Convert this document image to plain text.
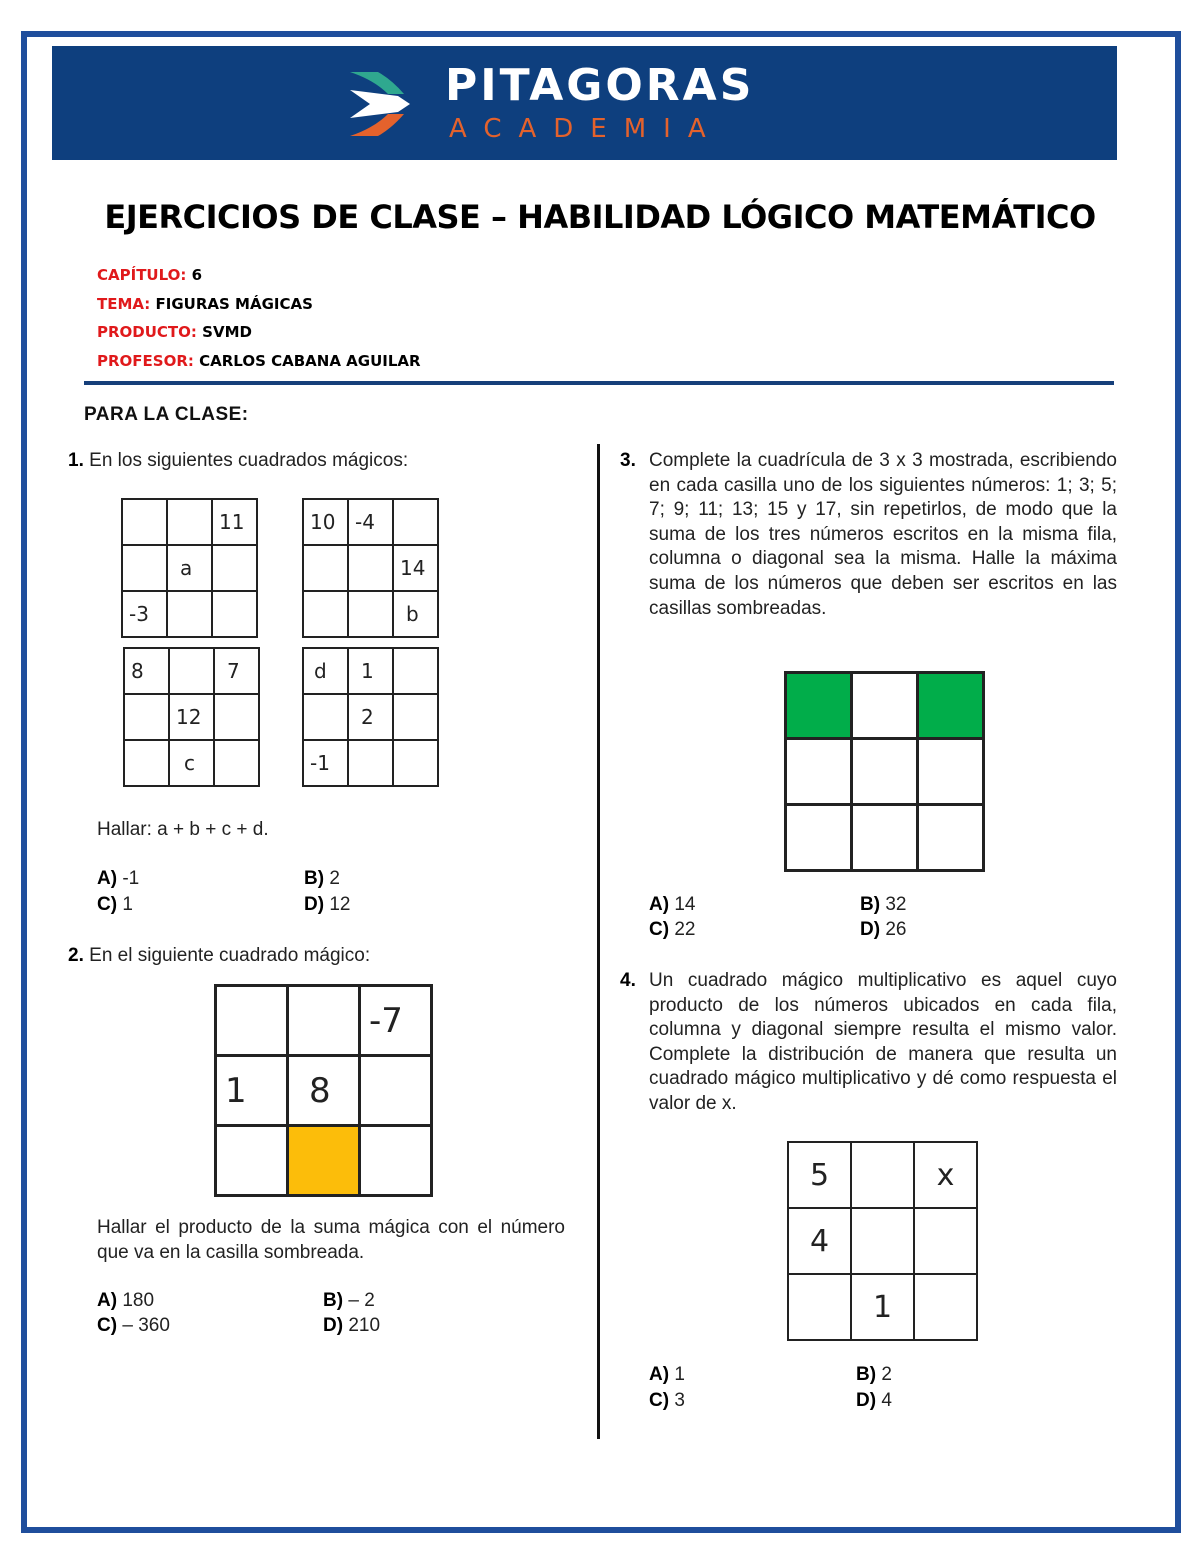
PITAGORAS
ACADEMIA
EJERCICIOS DE CLASE – HABILIDAD LÓGICO MATEMÁTICO
CAPÍTULO: 6
TEMA: FIGURAS MÁGICAS
PRODUCTO: SVMD
PROFESOR: CARLOS CABANA AGUILAR
PARA LA CLASE:
1. En los siguientes cuadrados mágicos:
		11
	a	
-3		
10	-4	
		14
		b
8		7
	12	
	c	
d	1	
	2	
-1		
Hallar: a + b + c + d.
A) -1	B) 2
C) 1	D) 12
2. En el siguiente cuadrado mágico:
		-7
1	8	

Hallar el producto de la suma mágica con el número que va en la casilla sombreada.
A) 180	B) – 2
C) – 360	D) 210
3. Complete la cuadrícula de 3 x 3 mostrada, escribiendo en cada casilla uno de los siguientes números: 1; 3; 5; 7; 9; 11; 13; 15 y 17, sin repetirlos, de modo que la suma de los tres números escritos en la misma fila, columna o diagonal sea la misma. Halle la máxima suma de los números que deben ser escritos en las casillas sombreadas.

A) 14	B) 32
C) 22	D) 26
4. Un cuadrado mágico multiplicativo es aquel cuyo producto de los números ubicados en cada fila, columna y diagonal siempre resulta el mismo valor. Complete la distribución de manera que resulta un cuadrado mágico multiplicativo y dé como respuesta el valor de x.
5		x
4		
	1	
A) 1	B) 2
C) 3	D) 4
